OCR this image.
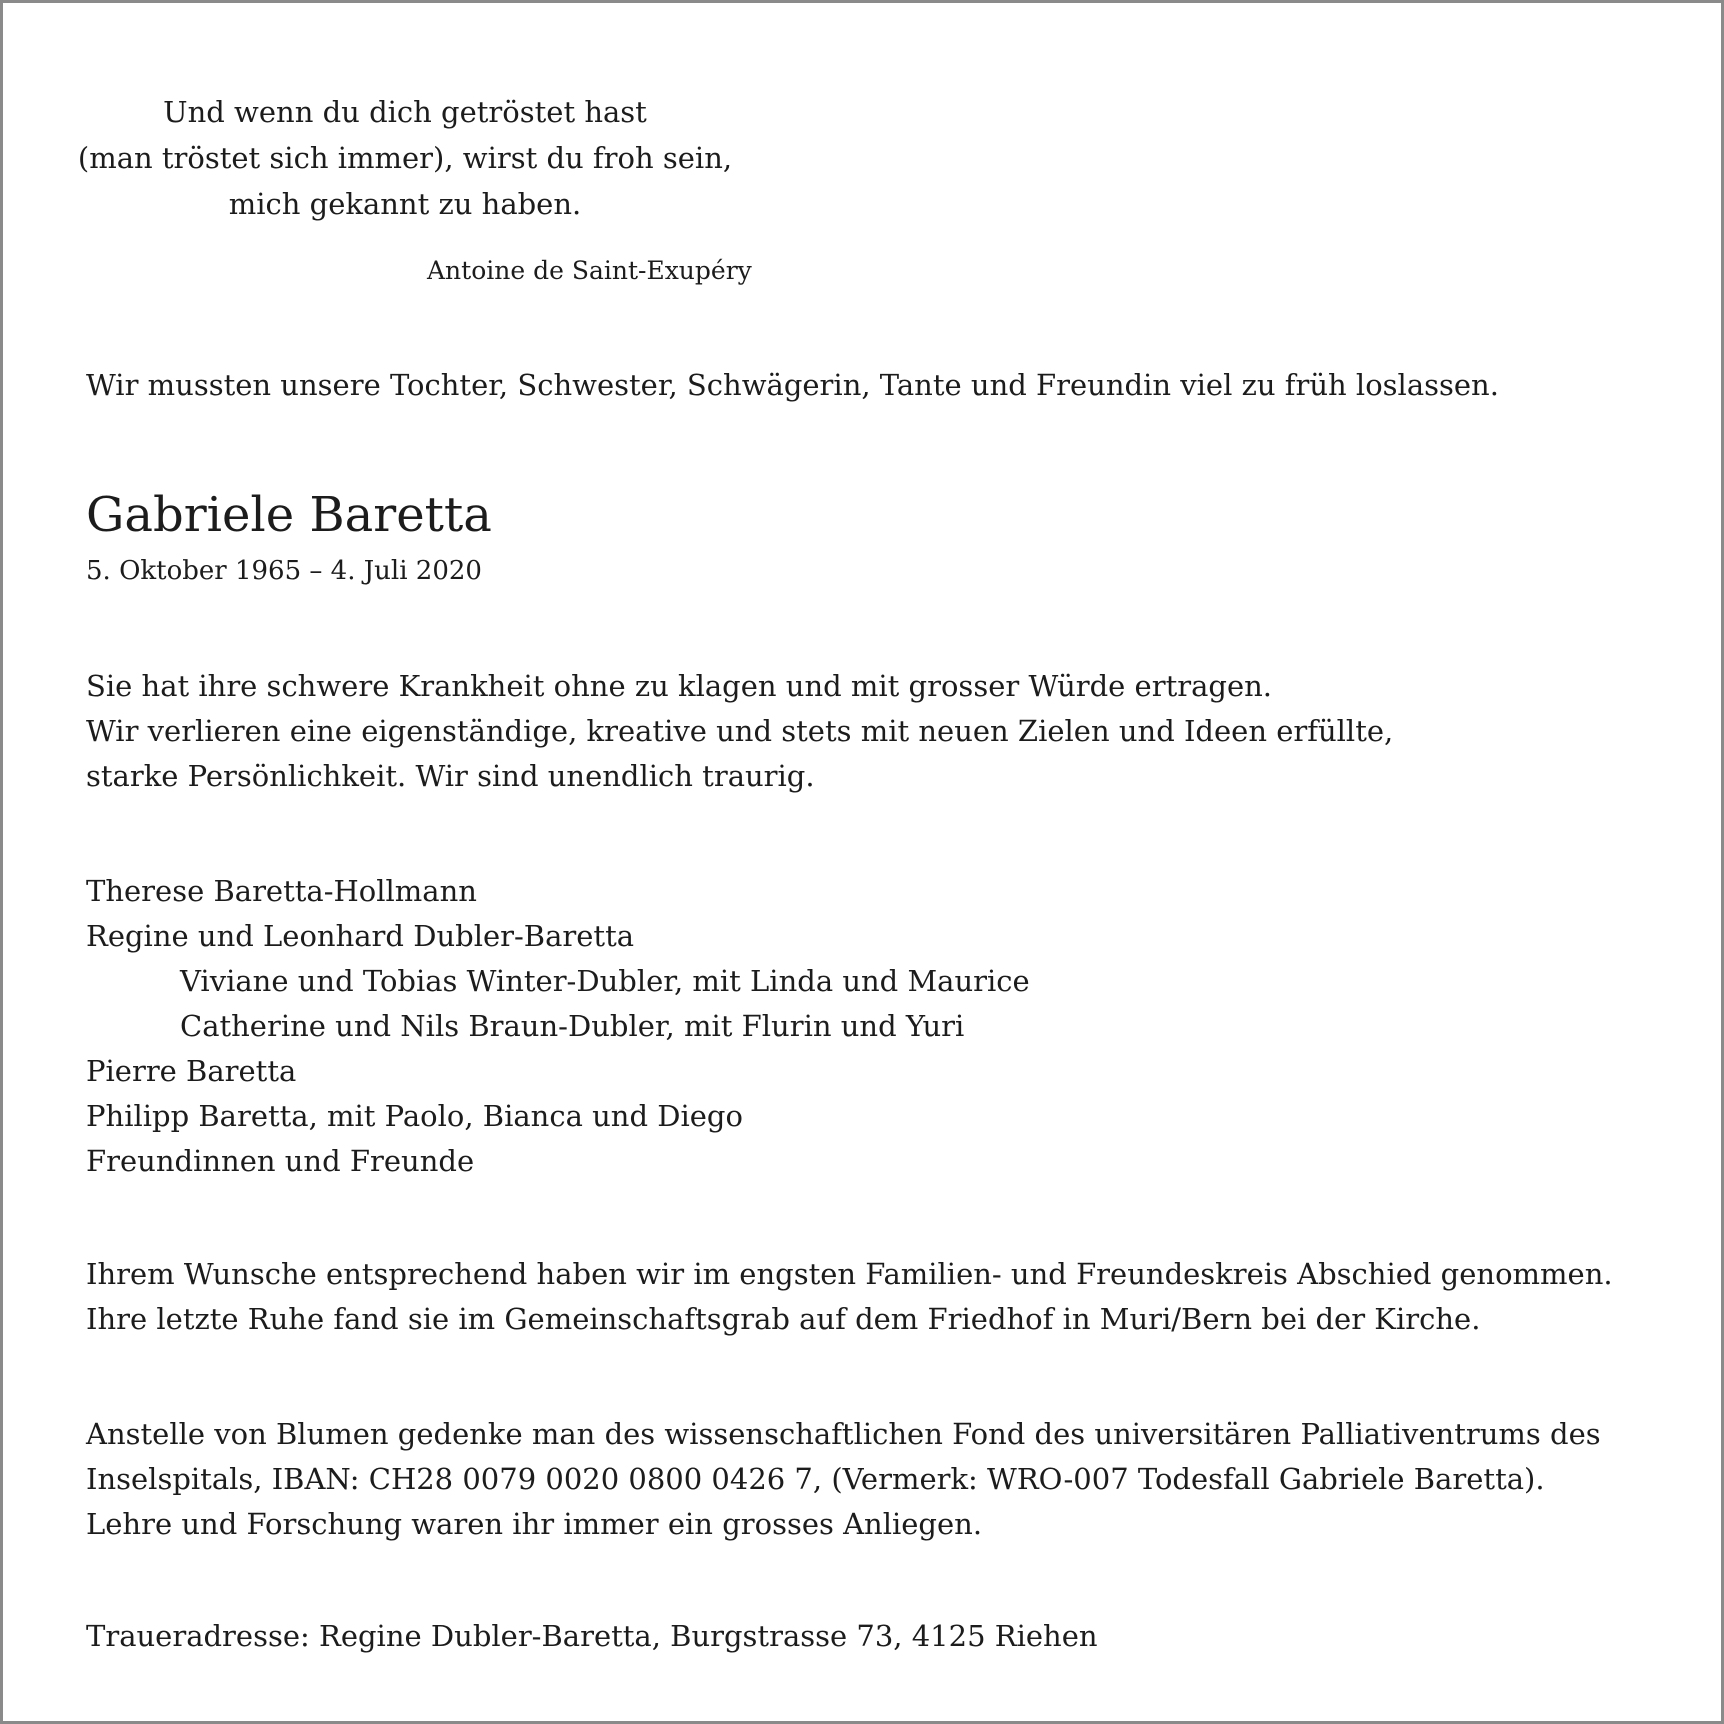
Und wenn du dich getröstet hast
(man tröstet sich immer), wirst du froh sein,
mich gekannt zu haben.
Antoine de Saint-Exupéry
Wir mussten unsere Tochter, Schwester, Schwägerin, Tante und Freundin viel zu früh loslassen.
Gabriele Baretta
5. Oktober 1965 – 4. Juli 2020
Sie hat ihre schwere Krankheit ohne zu klagen und mit grosser Würde ertragen.
Wir verlieren eine eigenständige, kreative und stets mit neuen Zielen und Ideen erfüllte,
starke Persönlichkeit. Wir sind unendlich traurig.
Therese Baretta-Hollmann
Regine und Leonhard Dubler-Baretta
Viviane und Tobias Winter-Dubler, mit Linda und Maurice
Catherine und Nils Braun-Dubler, mit Flurin und Yuri
Pierre Baretta
Philipp Baretta, mit Paolo, Bianca und Diego
Freundinnen und Freunde
Ihrem Wunsche entsprechend haben wir im engsten Familien- und Freundeskreis Abschied genommen.
Ihre letzte Ruhe fand sie im Gemeinschaftsgrab auf dem Friedhof in Muri/Bern bei der Kirche.
Anstelle von Blumen gedenke man des wissenschaftlichen Fond des universitären Palliativentrums des
Inselspitals, IBAN: CH28 0079 0020 0800 0426 7, (Vermerk: WRO-007 Todesfall Gabriele Baretta).
Lehre und Forschung waren ihr immer ein grosses Anliegen.
Traueradresse: Regine Dubler-Baretta, Burgstrasse 73, 4125 Riehen
